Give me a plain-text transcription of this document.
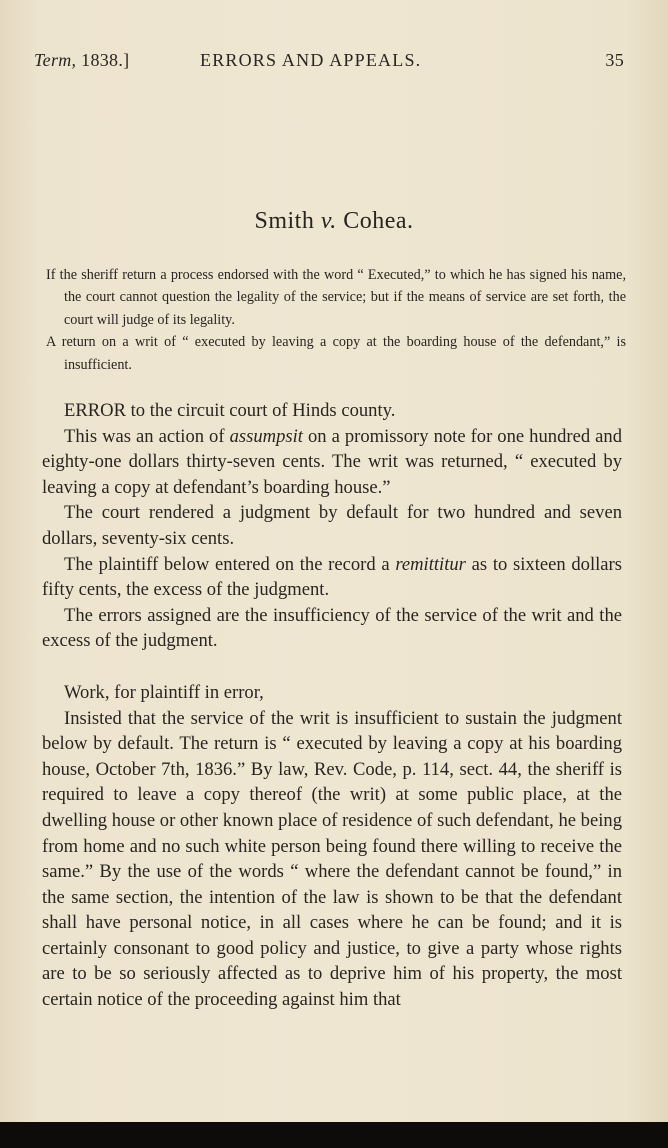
Term, 1838.]	ERRORS AND APPEALS.	35
Smith v. Cohea.

If the sheriff return a process endorsed with the word “ Executed,” to which he has signed his name, the court cannot question the legality of the service; but if the means of service are set forth, the court will judge of its legality.

A return on a writ of “ executed by leaving a copy at the boarding house of the defendant,” is insufficient.

ERROR to the circuit court of Hinds county.

This was an action of assumpsit on a promissory note for one hundred and eighty-one dollars thirty-seven cents. The writ was returned, “ executed by leaving a copy at defendant’s boarding house.”

The court rendered a judgment by default for two hundred and seven dollars, seventy-six cents.

The plaintiff below entered on the record a remittitur as to sixteen dollars fifty cents, the excess of the judgment.

The errors assigned are the insufficiency of the service of the writ and the excess of the judgment.

Work, for plaintiff in error,

Insisted that the service of the writ is insufficient to sustain the judgment below by default. The return is “ executed by leaving a copy at his boarding house, October 7th, 1836.” By law, Rev. Code, p. 114, sect. 44, the sheriff is required to leave a copy thereof (the writ) at some public place, at the dwelling house or other known place of residence of such defendant, he being from home and no such white person being found there willing to receive the same.” By the use of the words “ where the defendant cannot be found,” in the same section, the intention of the law is shown to be that the defendant shall have personal notice, in all cases where he can be found; and it is certainly consonant to good policy and justice, to give a party whose rights are to be so seriously affected as to deprive him of his property, the most certain notice of the proceeding against him that
